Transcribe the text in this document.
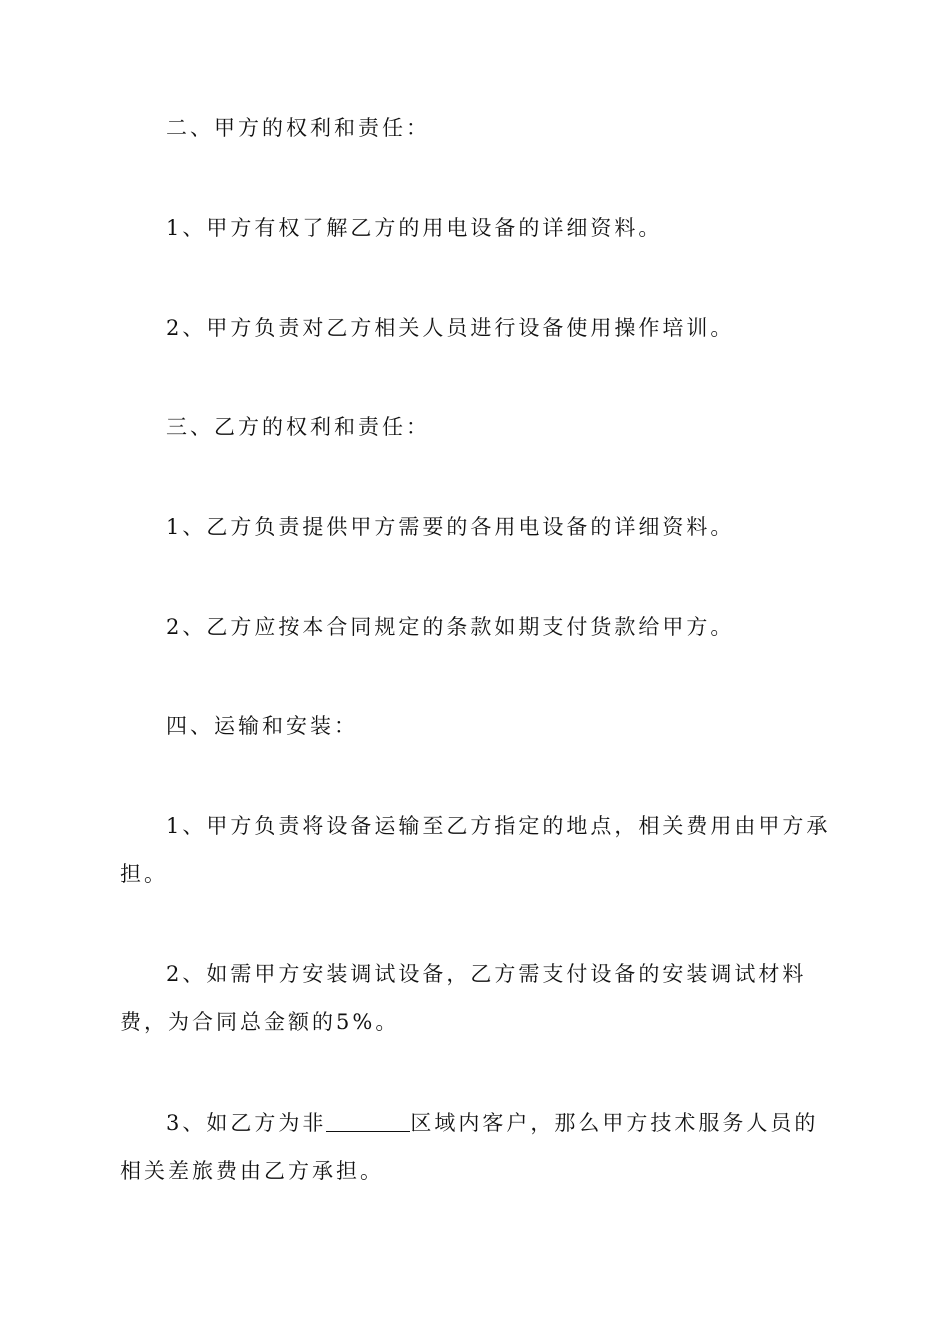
二、甲方的权利和责任：

1、甲方有权了解乙方的用电设备的详细资料。

2、甲方负责对乙方相关人员进行设备使用操作培训。

三、乙方的权利和责任：

1、乙方负责提供甲方需要的各用电设备的详细资料。

2、乙方应按本合同规定的条款如期支付货款给甲方。

四、运输和安装：

1、甲方负责将设备运输至乙方指定的地点，相关费用由甲方承担。

2、如需甲方安装调试设备，乙方需支付设备的安装调试材料费，为合同总金额的5%。

3、如乙方为非	区域内客户，那么甲方技术服务人员的相关差旅费由乙方承担。
